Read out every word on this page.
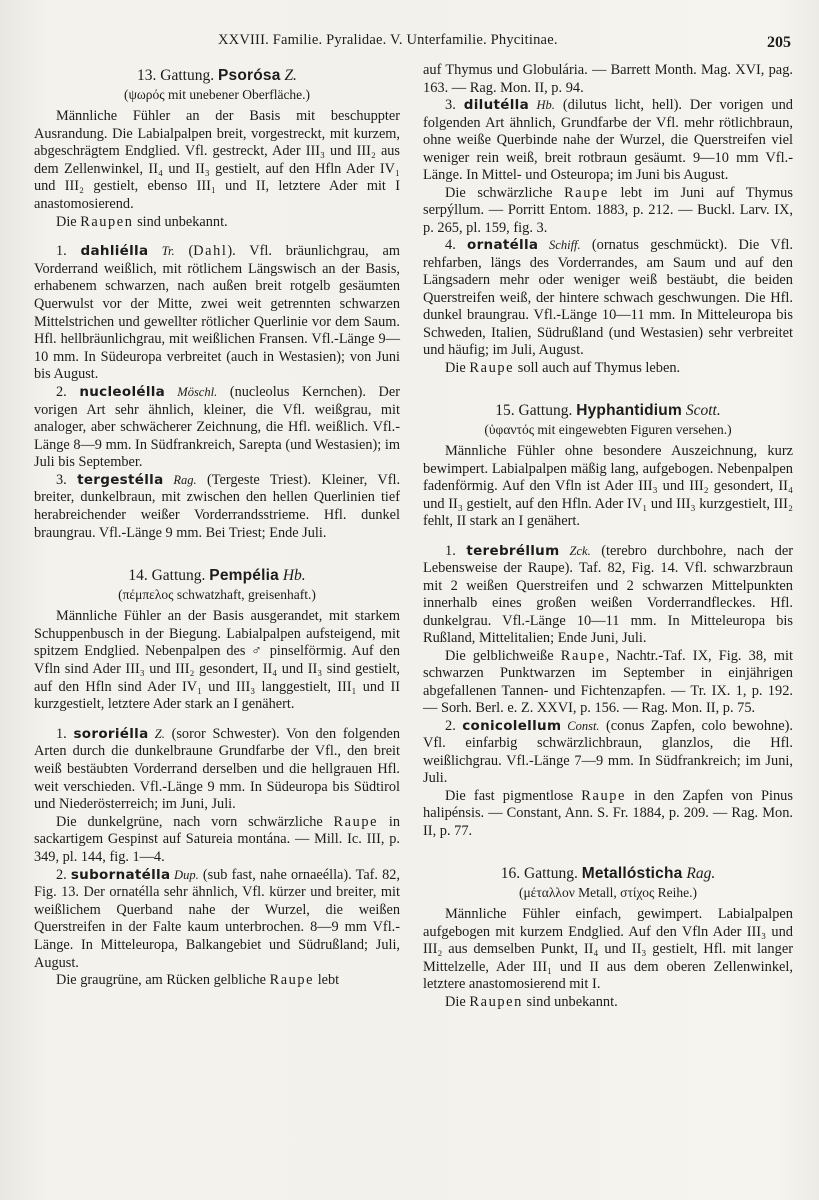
XXVIII. Familie. Pyralidae. V. Unterfamilie. Phycitinae.	205
13. Gattung. Psorósa Z.
(ψωρός mit unebener Oberfläche.)

Männliche Fühler an der Basis mit beschuppter Ausrandung. Die Labialpalpen breit, vorgestreckt, mit kurzem, abgeschrägtem Endglied. Vfl. gestreckt, Ader III₃ und III₂ aus dem Zellenwinkel, II₄ und II₃ gestielt, auf den Hfln Ader IV₁ und III₂ gestielt, ebenso III₁ und II, letztere Ader mit I anastomosierend.

Die Raupen sind unbekannt.

1. dahliélla Tr. (Dahl). Vfl. bräunlichgrau, am Vorderrand weißlich, mit rötlichem Längswisch an der Basis, erhabenem schwarzen, nach außen breit rotgelb gesäumten Querwulst vor der Mitte, zwei weit getrennten schwarzen Mittelstrichen und gewellter rötlicher Querlinie vor dem Saum. Hfl. hellbräunlichgrau, mit weißlichen Fransen. Vfl.-Länge 9—10 mm. In Südeuropa verbreitet (auch in Westasien); von Juni bis August.

2. nucleolélla Möschl. (nucleolus Kernchen). Der vorigen Art sehr ähnlich, kleiner, die Vfl. weißgrau, mit analoger, aber schwächerer Zeichnung, die Hfl. weißlich. Vfl.-Länge 8—9 mm. In Südfrankreich, Sarepta (und Westasien); im Juli bis September.

3. tergestélla Rag. (Tergeste Triest). Kleiner, Vfl. breiter, dunkelbraun, mit zwischen den hellen Querlinien tief herabreichender weißer Vorderrandsstrieme. Hfl. dunkel braungrau. Vfl.-Länge 9 mm. Bei Triest; Ende Juli.

14. Gattung. Pempélia Hb.
(πέμπελος schwatzhaft, greisenhaft.)

Männliche Fühler an der Basis ausgerandet, mit starkem Schuppenbusch in der Biegung. Labialpalpen aufsteigend, mit spitzem Endglied. Nebenpalpen des ♂ pinselförmig. Auf den Vfln sind Ader III₃ und III₂ gesondert, II₄ und II₃ sind gestielt, auf den Hfln sind Ader IV₁ und III₃ langgestielt, III₁ und II kurzgestielt, letztere Ader stark an I genähert.

1. sororiélla Z. (soror Schwester). Von den folgenden Arten durch die dunkelbraune Grundfarbe der Vfl., den breit weiß bestäubten Vorderrand derselben und die hellgrauen Hfl. weit verschieden. Vfl.-Länge 9 mm. In Südeuropa bis Südtirol und Niederösterreich; im Juni, Juli.

Die dunkelgrüne, nach vorn schwärzliche Raupe in sackartigem Gespinst auf Satureia montána. — Mill. Ic. III, p. 349, pl. 144, fig. 1—4.

2. subornatélla Dup. (sub fast, nahe ornaeélla). Taf. 82, Fig. 13. Der ornatélla sehr ähnlich, Vfl. kürzer und breiter, mit weißlichem Querband nahe der Wurzel, die weißen Querstreifen in der Falte kaum unterbrochen. 8—9 mm Vfl.-Länge. In Mitteleuropa, Balkangebiet und Südrußland; Juli, August.

Die graugrüne, am Rücken gelbliche Raupe lebt

auf Thymus und Globulária. — Barrett Month. Mag. XVI, pag. 163. — Rag. Mon. II, p. 94.

3. dilutélla Hb. (dilutus licht, hell). Der vorigen und folgenden Art ähnlich, Grundfarbe der Vfl. mehr rötlichbraun, ohne weiße Querbinde nahe der Wurzel, die Querstreifen viel weniger rein weiß, breit rotbraun gesäumt. 9—10 mm Vfl.-Länge. In Mittel- und Osteuropa; im Juni bis August.

Die schwärzliche Raupe lebt im Juni auf Thymus serpýllum. — Porritt Entom. 1883, p. 212. — Buckl. Larv. IX, p. 265, pl. 159, fig. 3.

4. ornatélla Schiff. (ornatus geschmückt). Die Vfl. rehfarben, längs des Vorderrandes, am Saum und auf den Längsadern mehr oder weniger weiß bestäubt, die beiden Querstreifen weiß, der hintere schwach geschwungen. Die Hfl. dunkel braungrau. Vfl.-Länge 10—11 mm. In Mitteleuropa bis Schweden, Italien, Südrußland (und Westasien) sehr verbreitet und häufig; im Juli, August.

Die Raupe soll auch auf Thymus leben.

15. Gattung. Hyphantidium Scott.
(ὑφαντός mit eingewebten Figuren versehen.)

Männliche Fühler ohne besondere Auszeichnung, kurz bewimpert. Labialpalpen mäßig lang, aufgebogen. Nebenpalpen fadenförmig. Auf den Vfln ist Ader III₃ und III₂ gesondert, II₄ und II₃ gestielt, auf den Hfln. Ader IV₁ und III₃ kurzgestielt, III₂ fehlt, II stark an I genähert.

1. terebréllum Zck. (terebro durchbohre, nach der Lebensweise der Raupe). Taf. 82, Fig. 14. Vfl. schwarzbraun mit 2 weißen Querstreifen und 2 schwarzen Mittelpunkten innerhalb eines großen weißen Vorderrandfleckes. Hfl. dunkelgrau. Vfl.-Länge 10—11 mm. In Mitteleuropa bis Rußland, Mittelitalien; Ende Juni, Juli.

Die gelblichweiße Raupe, Nachtr.-Taf. IX, Fig. 38, mit schwarzen Punktwarzen im September in einjährigen abgefallenen Tannen- und Fichtenzapfen. — Tr. IX. 1, p. 192. — Sorh. Berl. e. Z. XXVI, p. 156. — Rag. Mon. II, p. 75.

2. conicolellum Const. (conus Zapfen, colo bewohne). Vfl. einfarbig schwärzlichbraun, glanzlos, die Hfl. weißlichgrau. Vfl.-Länge 7—9 mm. In Südfrankreich; im Juni, Juli.

Die fast pigmentlose Raupe in den Zapfen von Pinus halipénsis. — Constant, Ann. S. Fr. 1884, p. 209. — Rag. Mon. II, p. 77.

16. Gattung. Metallósticha Rag.
(μέταλλον Metall, στίχος Reihe.)

Männliche Fühler einfach, gewimpert. Labialpalpen aufgebogen mit kurzem Endglied. Auf den Vfln Ader III₃ und III₂ aus demselben Punkt, II₄ und II₃ gestielt, Hfl. mit langer Mittelzelle, Ader III₁ und II aus dem oberen Zellenwinkel, letztere anastomosierend mit I.

Die Raupen sind unbekannt.
